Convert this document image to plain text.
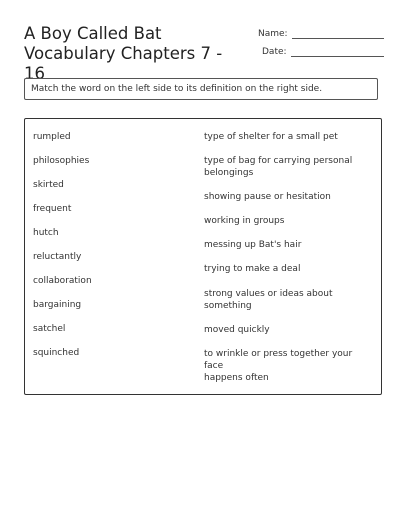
A Boy Called Bat Vocabulary Chapters 7 - 16
Name:
Date:
Match the word on the left side to its definition on the right side.
rumpled
philosophies
skirted
frequent
hutch
reluctantly
collaboration
bargaining
satchel
squinched
type of shelter for a small pet
type of bag for carrying personal belongings
showing pause or hesitation
working in groups
messing up Bat's hair
trying to make a deal
strong values or ideas about something
moved quickly
to wrinkle or press together your face
happens often
